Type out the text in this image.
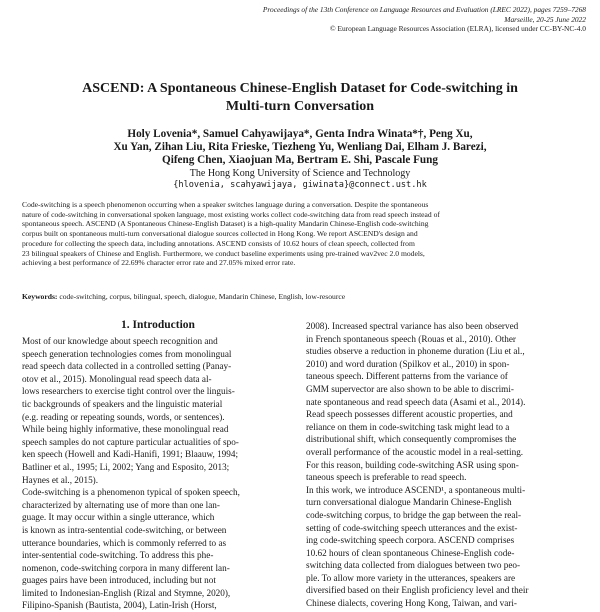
Proceedings of the 13th Conference on Language Resources and Evaluation (LREC 2022), pages 7259–7268
Marseille, 20-25 June 2022
© European Language Resources Association (ELRA), licensed under CC-BY-NC-4.0
ASCEND: A Spontaneous Chinese-English Dataset for Code-switching in
Multi-turn Conversation
Holy Lovenia*, Samuel Cahyawijaya*, Genta Indra Winata*†, Peng Xu,
Xu Yan, Zihan Liu, Rita Frieske, Tiezheng Yu, Wenliang Dai, Elham J. Barezi,
Qifeng Chen, Xiaojuan Ma, Bertram E. Shi, Pascale Fung
The Hong Kong University of Science and Technology
{hlovenia, scahyawijaya, giwinata}@connect.ust.hk
Code-switching is a speech phenomenon occurring when a speaker switches language during a conversation. Despite the spontaneous
nature of code-switching in conversational spoken language, most existing works collect code-switching data from read speech instead of
spontaneous speech. ASCEND (A Spontaneous Chinese-English Dataset) is a high-quality Mandarin Chinese-English code-switching
corpus built on spontaneous multi-turn conversational dialogue sources collected in Hong Kong. We report ASCEND's design and
procedure for collecting the speech data, including annotations. ASCEND consists of 10.62 hours of clean speech, collected from
23 bilingual speakers of Chinese and English. Furthermore, we conduct baseline experiments using pre-trained wav2vec 2.0 models,
achieving a best performance of 22.69% character error rate and 27.05% mixed error rate.
Keywords: code-switching, corpus, bilingual, speech, dialogue, Mandarin Chinese, English, low-resource
1. Introduction

Most of our knowledge about speech recognition and
speech generation technologies comes from monolingual
read speech data collected in a controlled setting (Panay-
otov et al., 2015). Monolingual read speech data al-
lows researchers to exercise tight control over the linguis-
tic backgrounds of speakers and the linguistic material
(e.g. reading or repeating sounds, words, or sentences).
While being highly informative, these monolingual read
speech samples do not capture particular actualities of spo-
ken speech (Howell and Kadi-Hanifi, 1991; Blaauw, 1994;
Batliner et al., 1995; Li, 2002; Yang and Esposito, 2013;
Haynes et al., 2015).
Code-switching is a phenomenon typical of spoken speech,
characterized by alternating use of more than one lan-
guage. It may occur within a single utterance, which
is known as intra-sentential code-switching, or between
utterance boundaries, which is commonly referred to as
inter-sentential code-switching. To address this phe-
nomenon, code-switching corpora in many different lan-
guages pairs have been introduced, including but not
limited to Indonesian-English (Rizal and Stymne, 2020),
Filipino-Spanish (Bautista, 2004), Latin-Irish (Horst,

2008). Increased spectral variance has also been observed
in French spontaneous speech (Rouas et al., 2010). Other
studies observe a reduction in phoneme duration (Liu et al.,
2010) and word duration (Spilkov et al., 2010) in spon-
taneous speech. Different patterns from the variance of
GMM supervector are also shown to be able to discrimi-
nate spontaneous and read speech data (Asami et al., 2014).
Read speech possesses different acoustic properties, and
reliance on them in code-switching task might lead to a
distributional shift, which consequently compromises the
overall performance of the acoustic model in a real-setting.
For this reason, building code-switching ASR using spon-
taneous speech is preferable to read speech.
In this work, we introduce ASCEND¹, a spontaneous multi-
turn conversational dialogue Mandarin Chinese-English
code-switching corpus, to bridge the gap between the real-
setting of code-switching speech utterances and the exist-
ing code-switching speech corpora. ASCEND comprises
10.62 hours of clean spontaneous Chinese-English code-
switching data collected from dialogues between two peo-
ple. To allow more variety in the utterances, speakers are
diversified based on their English proficiency level and their
Chinese dialects, covering Hong Kong, Taiwan, and vari-
